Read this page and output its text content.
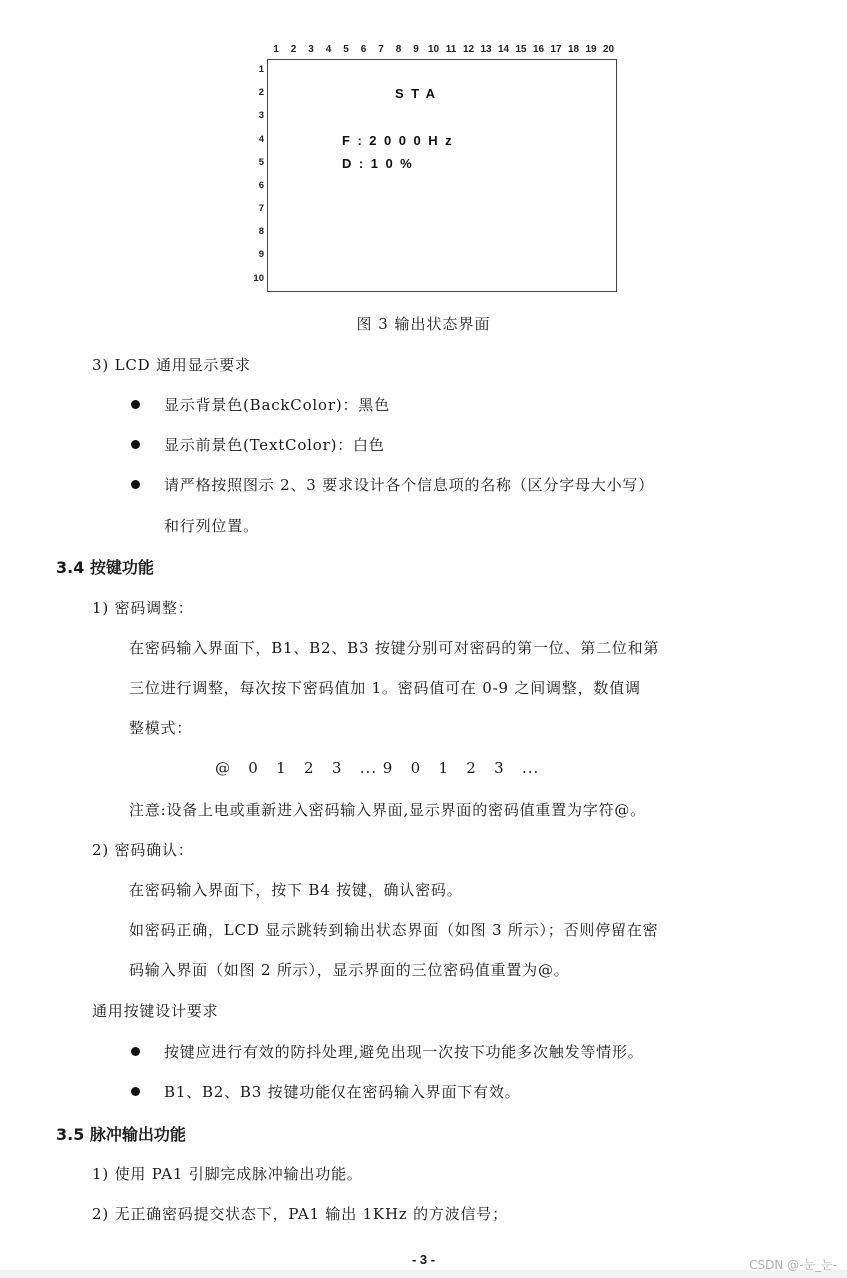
1	2	3	4	5	6	7	8	9 10 11 12 13 14 15 16 17 18 19 20
1
2
3
4
5
6
7
8
9
10
STA
F:2000Hz
D:10%
图 3 输出状态界面
3) LCD 通用显示要求
显示背景色(BackColor)：黑色
显示前景色(TextColor)：白色
请严格按照图示 2、3 要求设计各个信息项的名称（区分字母大小写）
和行列位置。
3.4 按键功能
1) 密码调整：
在密码输入界面下，B1、B2、B3 按键分别可对密码的第一位、第二位和第
三位进行调整，每次按下密码值加 1。密码值可在 0-9 之间调整，数值调
整模式：
@   0   1   2   3   ... 9   0   1   2   3   ...
注意:设备上电或重新进入密码输入界面,显示界面的密码值重置为字符@。
2) 密码确认：
在密码输入界面下，按下 B4 按键，确认密码。
如密码正确，LCD 显示跳转到输出状态界面（如图 3 所示）；否则停留在密
码输入界面（如图 2 所示），显示界面的三位密码值重置为@。
通用按键设计要求
按键应进行有效的防抖处理,避免出现一次按下功能多次触发等情形。
B1、B2、B3 按键功能仅在密码输入界面下有效。
3.5 脉冲输出功能
1) 使用 PA1 引脚完成脉冲输出功能。
2) 无正确密码提交状态下，PA1 输出 1KHz 的方波信号；
- 3 -	CSDN @-눈_눈-
